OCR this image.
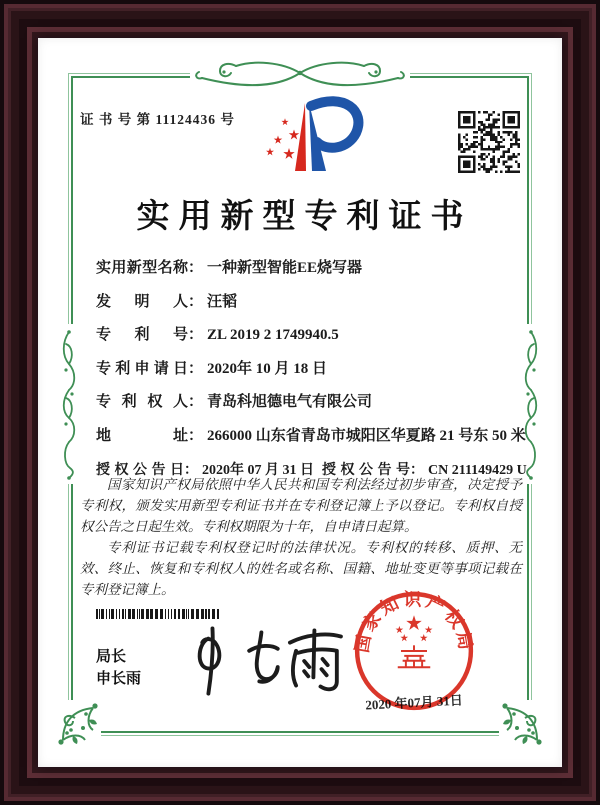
证 书 号 第 11124436 号
实用新型专利证书
实用新型名称 ： 一种新型智能EE烧写器
发明人 ： 汪韬
专利号 ： ZL 2019 2 1749940.5
专利申请日 ： 2020年 10 月 18 日
专利权人 ： 青岛科旭德电气有限公司
地址 ： 266000 山东省青岛市城阳区华夏路 21 号东 50 米
授权公告日 ： 2020年 07 月 31 日 授权公告号 ： CN 211149429 U

国家知识产权局依照中华人民共和国专利法经过初步审查，决定授予专利权，颁发实用新型专利证书并在专利登记簿上予以登记。专利权自授权公告之日起生效。专利权期限为十年，自申请日起算。

专利证书记载专利权登记时的法律状况。专利权的转移、质押、无效、终止、恢复和专利权人的姓名或名称、国籍、地址变更等事项记载在专利登记簿上。

局长
申长雨
国家知识产权局
2020 年07月 31日
